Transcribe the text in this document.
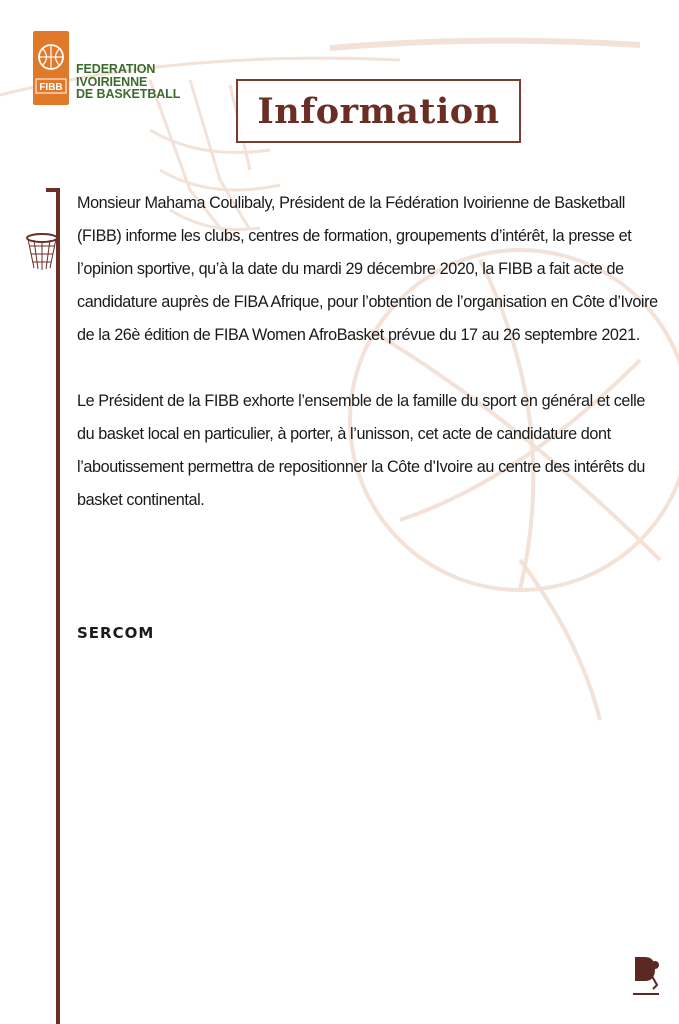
FIBB
FEDERATION
IVOIRIENNE
DE BASKETBALL Information

Monsieur Mahama Coulibaly, Président de la Fédération Ivoirienne de Basketball (FIBB) informe les clubs, centres de formation, groupements d’intérêt, la presse et l’opinion sportive, qu’à la date du mardi 29 décembre 2020, la FIBB a fait acte de candidature auprès de FIBA Afrique, pour l’obtention de l’organisation en Côte d’Ivoire de la 26è édition de FIBA Women AfroBasket prévue du 17 au 26 septembre 2021.

Le Président de la FIBB exhorte l’ensemble de la famille du sport en général et celle du basket local en particulier, à porter, à l’unisson, cet acte de candidature dont l’aboutissement permettra de repositionner la Côte d’Ivoire au centre des intérêts du basket continental.

SERCOM
